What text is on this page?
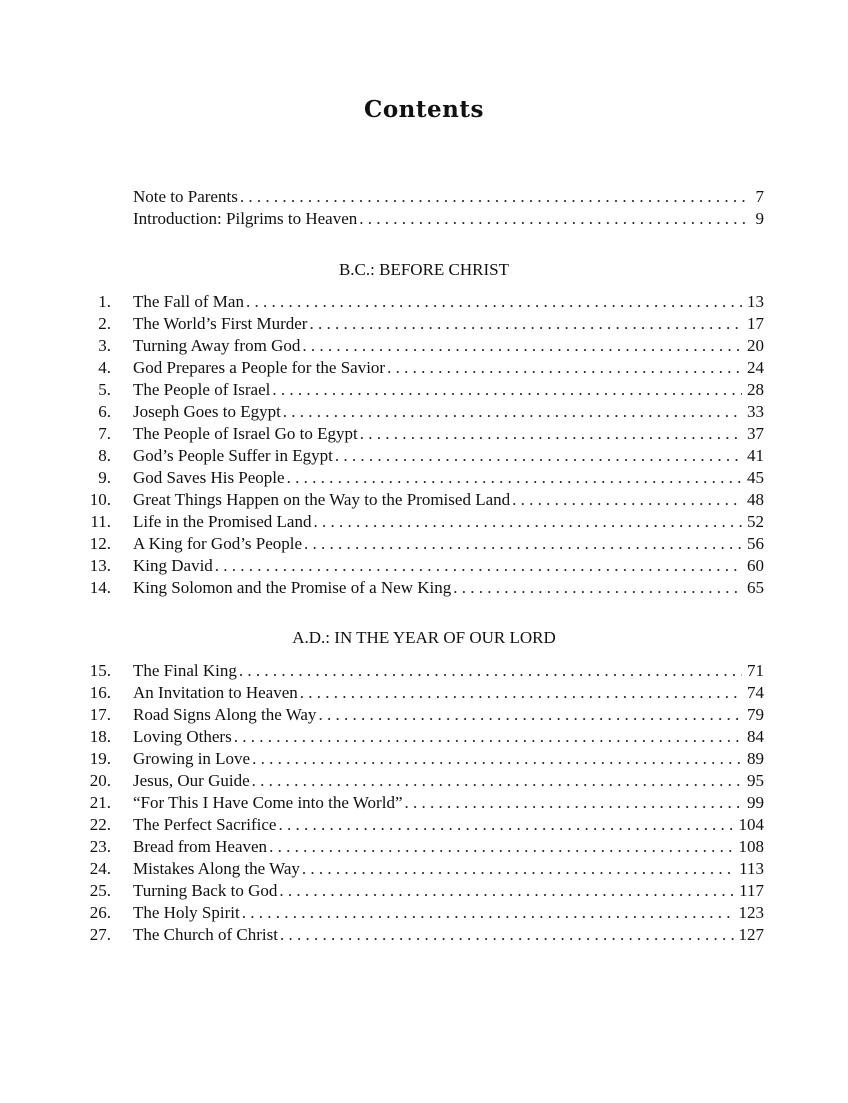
Contents
Note to Parents . . .	7
Introduction: Pilgrims to Heaven . . .	9
B.C.: BEFORE CHRIST
1. The Fall of Man . . .	13
2. The World’s First Murder . . .	17
3. Turning Away from God . . .	20
4. God Prepares a People for the Savior . . .	24
5. The People of Israel . . .	28
6. Joseph Goes to Egypt . . .	33
7. The People of Israel Go to Egypt . . .	37
8. God’s People Suffer in Egypt . . .	41
9. God Saves His People . . .	45
10. Great Things Happen on the Way to the Promised Land . . .	48
11. Life in the Promised Land . . .	52
12. A King for God’s People . . .	56
13. King David . . .	60
14. King Solomon and the Promise of a New King . . .	65
A.D.: IN THE YEAR OF OUR LORD
15. The Final King . . .	71
16. An Invitation to Heaven . . .	74
17. Road Signs Along the Way . . .	79
18. Loving Others . . .	84
19. Growing in Love . . .	89
20. Jesus, Our Guide . . .	95
21. “For This I Have Come into the World” . . .	99
22. The Perfect Sacrifice . . .	104
23. Bread from Heaven . . .	108
24. Mistakes Along the Way . . .	113
25. Turning Back to God . . .	117
26. The Holy Spirit . . .	123
27. The Church of Christ . . .	127
